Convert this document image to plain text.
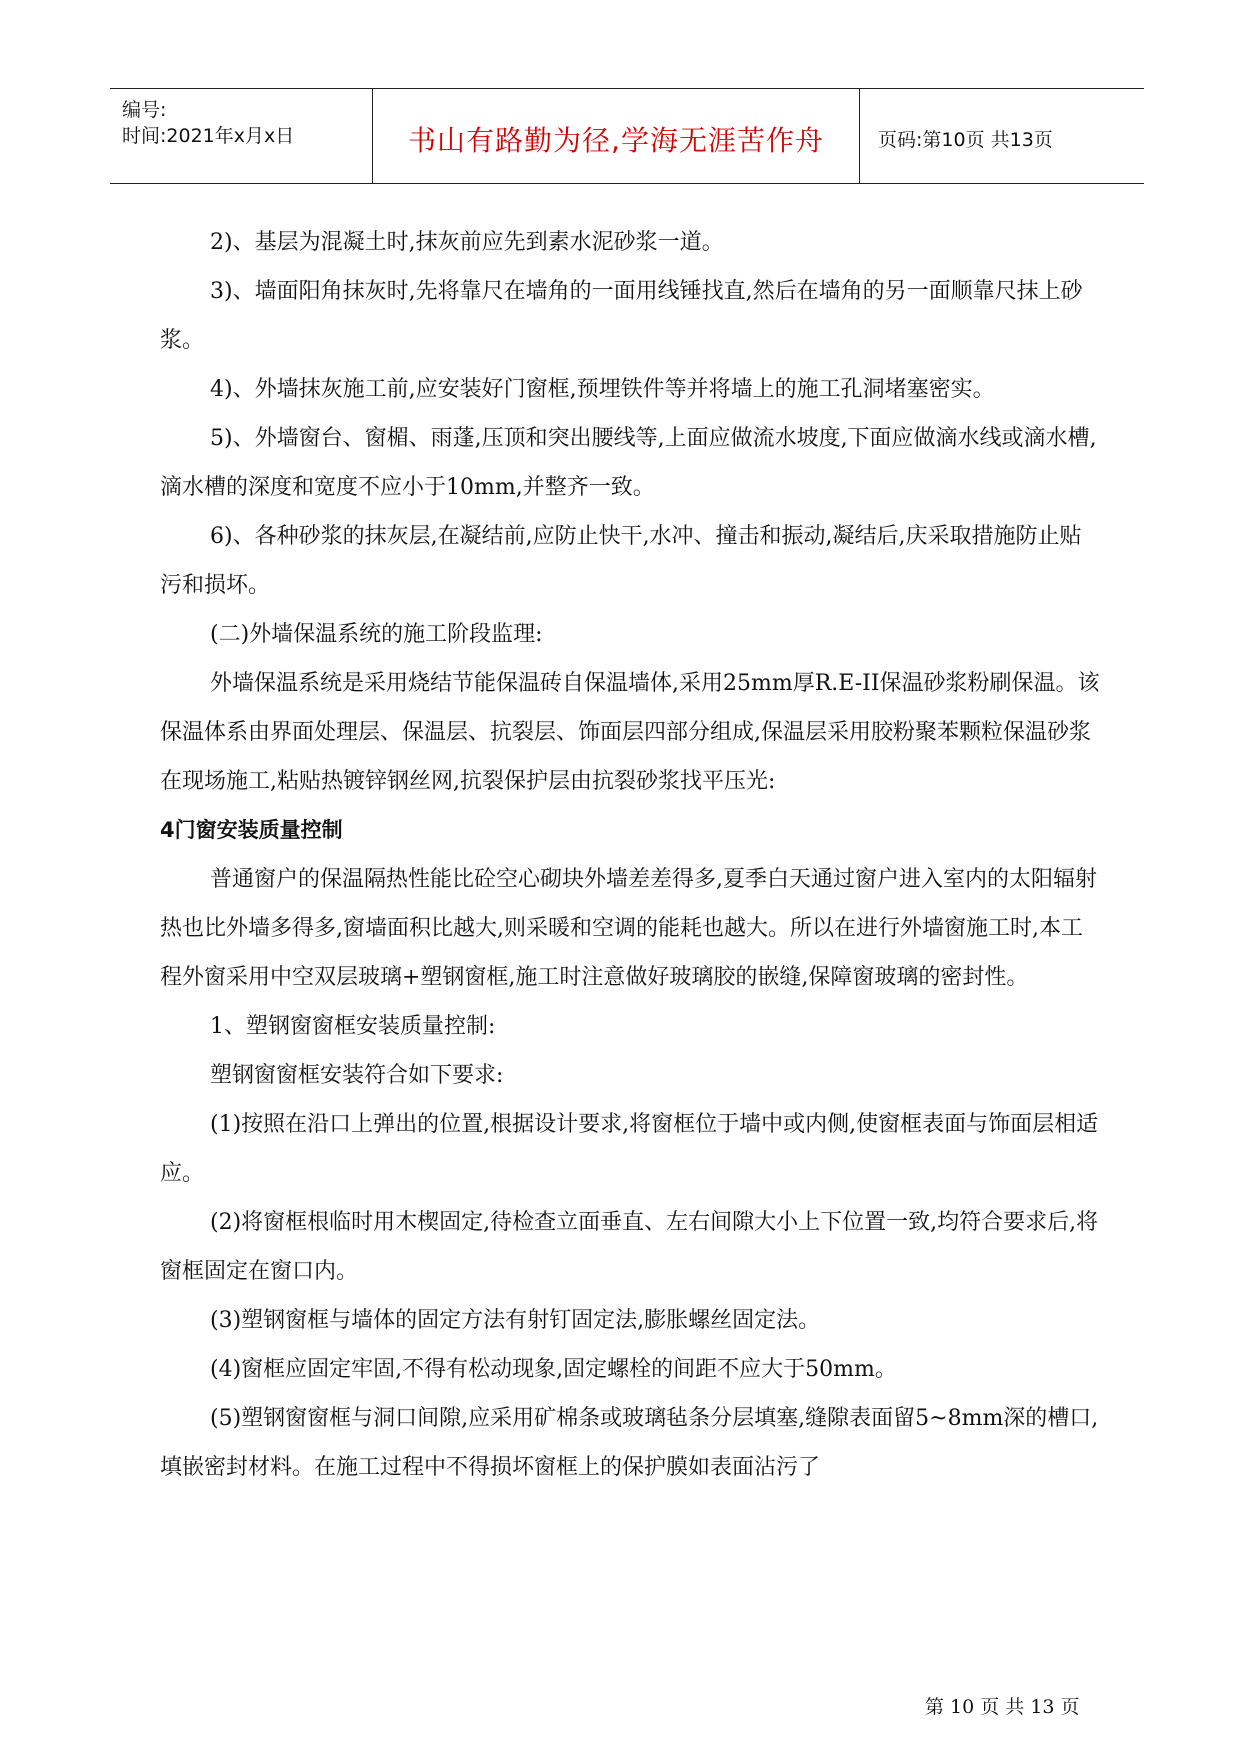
编号:
时间:2021年x月x日	书山有路勤为径,学海无涯苦作舟	页码:第10页 共13页

2)、基层为混凝土时,抹灰前应先到素水泥砂浆一道。

3)、墙面阳角抹灰时,先将靠尺在墙角的一面用线锤找直,然后在墙角的另一面顺靠尺抹上砂浆。

4)、外墙抹灰施工前,应安装好门窗框,预埋铁件等并将墙上的施工孔洞堵塞密实。

5)、外墙窗台、窗楣、雨蓬,压顶和突出腰线等,上面应做流水坡度,下面应做滴水线或滴水槽,滴水槽的深度和宽度不应小于10mm,并整齐一致。

6)、各种砂浆的抹灰层,在凝结前,应防止快干,水冲、撞击和振动,凝结后,庆采取措施防止贴污和损坏。

(二)外墙保温系统的施工阶段监理:

外墙保温系统是采用烧结节能保温砖自保温墙体,采用25mm厚R.E-II保温砂浆粉刷保温。该保温体系由界面处理层、保温层、抗裂层、饰面层四部分组成,保温层采用胶粉聚苯颗粒保温砂浆在现场施工,粘贴热镀锌钢丝网,抗裂保护层由抗裂砂浆找平压光:

4门窗安装质量控制

普通窗户的保温隔热性能比砼空心砌块外墙差差得多,夏季白天通过窗户进入室内的太阳辐射热也比外墙多得多,窗墙面积比越大,则采暖和空调的能耗也越大。所以在进行外墙窗施工时,本工程外窗采用中空双层玻璃+塑钢窗框,施工时注意做好玻璃胶的嵌缝,保障窗玻璃的密封性。

1、塑钢窗窗框安装质量控制:

塑钢窗窗框安装符合如下要求:

(1)按照在沿口上弹出的位置,根据设计要求,将窗框位于墙中或内侧,使窗框表面与饰面层相适应。

(2)将窗框根临时用木楔固定,待检查立面垂直、左右间隙大小上下位置一致,均符合要求后,将窗框固定在窗口内。

(3)塑钢窗框与墙体的固定方法有射钉固定法,膨胀螺丝固定法。

(4)窗框应固定牢固,不得有松动现象,固定螺栓的间距不应大于50mm。

(5)塑钢窗窗框与洞口间隙,应采用矿棉条或玻璃毡条分层填塞,缝隙表面留5~8mm深的槽口,填嵌密封材料。在施工过程中不得损坏窗框上的保护膜如表面沾污了

第 10 页 共 13 页
